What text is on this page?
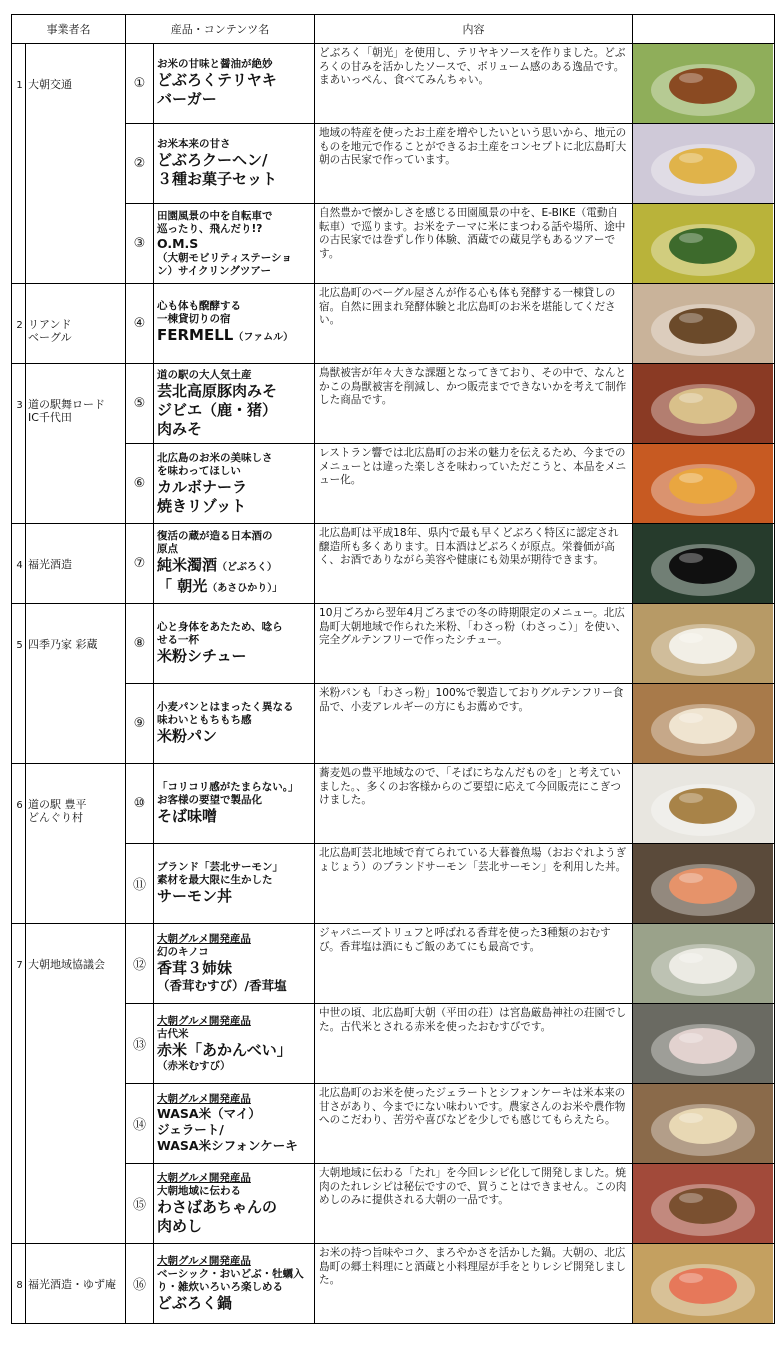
事業者名		産品・コンテンツ名		内容	
1	大朝交通	①	お米の甘味と醤油が絶妙
どぶろくテリヤキ
バーガー	どぶろく「朝光」を使用し、テリヤキソースを作りました。どぶろくの甘みを活かしたソースで、ボリューム感のある逸品です。まあいっぺん、食べてみんちゃい。	

		②	お米本来の甘さ
どぶろクーヘン/
３種お菓子セット	地域の特産を使ったお土産を増やしたいという思いから、地元のものを地元で作ることができるお土産をコンセプトに北広島町大朝の古民家で作っています。	

		③	田園風景の中を自転車で
巡ったり、飛んだり!?
O.M.S
（大朝モビリティステーショ
ン）サイクリングツアー	自然豊かで懐かしさを感じる田園風景の中を、E-BIKE（電動自転車）で巡ります。お米をテーマに米にまつわる話や場所、途中の古民家では巻ずし作り体験、酒蔵での蔵見学もあるツアーです。	

2	リアンド
ベーグル	④	心も体も醗酵する
一棟貸切りの宿
FERMELL（ファムル）	北広島町のベーグル屋さんが作る心も体も発酵する一棟貸しの宿。自然に囲まれ発酵体験と北広島町のお米を堪能してください。	

3	道の駅舞ロード
IC千代田	⑤	道の駅の大人気土産
芸北高原豚肉みそ
ジビエ（鹿・猪）
肉みそ	鳥獣被害が年々大きな課題となってきており、その中で、なんとかこの鳥獣被害を削減し、かつ販売までできないかを考えて制作した商品です。	

		⑥	北広島のお米の美味しさ
を味わってほしい
カルボナーラ
焼きリゾット	レストラン響では北広島町のお米の魅力を伝えるため、今までのメニューとは違った楽しさを味わっていただこうと、本品をメニュー化。	

4	福光酒造	⑦	復活の蔵が造る日本酒の
原点
純米濁酒（どぶろく）
「 朝光（あさひかり）」	北広島町は平成18年、県内で最も早くどぶろく特区に認定され醸造所も多くあります。日本酒はどぶろくが原点。栄養価が高く、お酒でありながら美容や健康にも効果が期待できます。	

5	四季乃家 彩蔵	⑧	心と身体をあたため、唸ら
せる一杯
米粉シチュー	10月ごろから翌年4月ごろまでの冬の時期限定のメニュー。北広島町大朝地域で作られた米粉、「わさっ粉（わさっこ）」を使い、完全グルテンフリーで作ったシチュー。	

		⑨	小麦パンとはまったく異なる
味わいともちもち感
米粉パン	米粉パンも「わさっ粉」100%で製造しておりグルテンフリー食品で、小麦アレルギーの方にもお薦めです。	

6	道の駅 豊平
どんぐり村	⑩	「コリコリ感がたまらない。」
お客様の要望で製品化
そば味噌	蕎麦処の豊平地域なので、「そばにちなんだものを」と考えていました。、多くのお客様からのご要望に応えて今回販売にこぎつけました。	

		⑪	ブランド「芸北サーモン」
素材を最大限に生かした
サーモン丼	北広島町芸北地域で育てられている大暮養魚場（おおぐれようぎょじょう）のブランドサーモン「芸北サーモン」を利用した丼。	

7	大朝地域協議会	⑫	大朝グルメ開発産品
幻のキノコ
香茸３姉妹
（香茸むすび）/香茸塩	ジャパニーズトリュフと呼ばれる香茸を使った3種類のおむすび。香茸塩は酒にもご飯のあてにも最高です。	

		⑬	大朝グルメ開発産品
古代米
赤米「あかんべい」
（赤米むすび）	中世の頃、北広島町大朝（平田の荘）は宮島厳島神社の荘園でした。古代米とされる赤米を使ったおむすびです。	

		⑭	大朝グルメ開発産品
WASA米（マイ）
ジェラート/
WASA米シフォンケーキ	北広島町のお米を使ったジェラートとシフォンケーキは米本来の甘さがあり、今までにない味わいです。農家さんのお米や農作物へのこだわり、苦労や喜びなどを少しでも感じてもらえたら。	

		⑮	大朝グルメ開発産品
大朝地域に伝わる
わさばあちゃんの
肉めし	大朝地域に伝わる「たれ」を今回レシピ化して開発しました。焼肉のたれレシピは秘伝ですので、買うことはできません。この肉めしのみに提供される大朝の一品です。	

8	福光酒造・ゆず庵	⑯	大朝グルメ開発産品
ベーシック・おいどぶ・牡蠣入
り・雑炊いろいろ楽しめる
どぶろく鍋	お米の持つ旨味やコク、まろやかさを活かした鍋。大朝の、北広島町の郷土料理にと酒蔵と小料理屋が手をとりレシピ開発しました。	
